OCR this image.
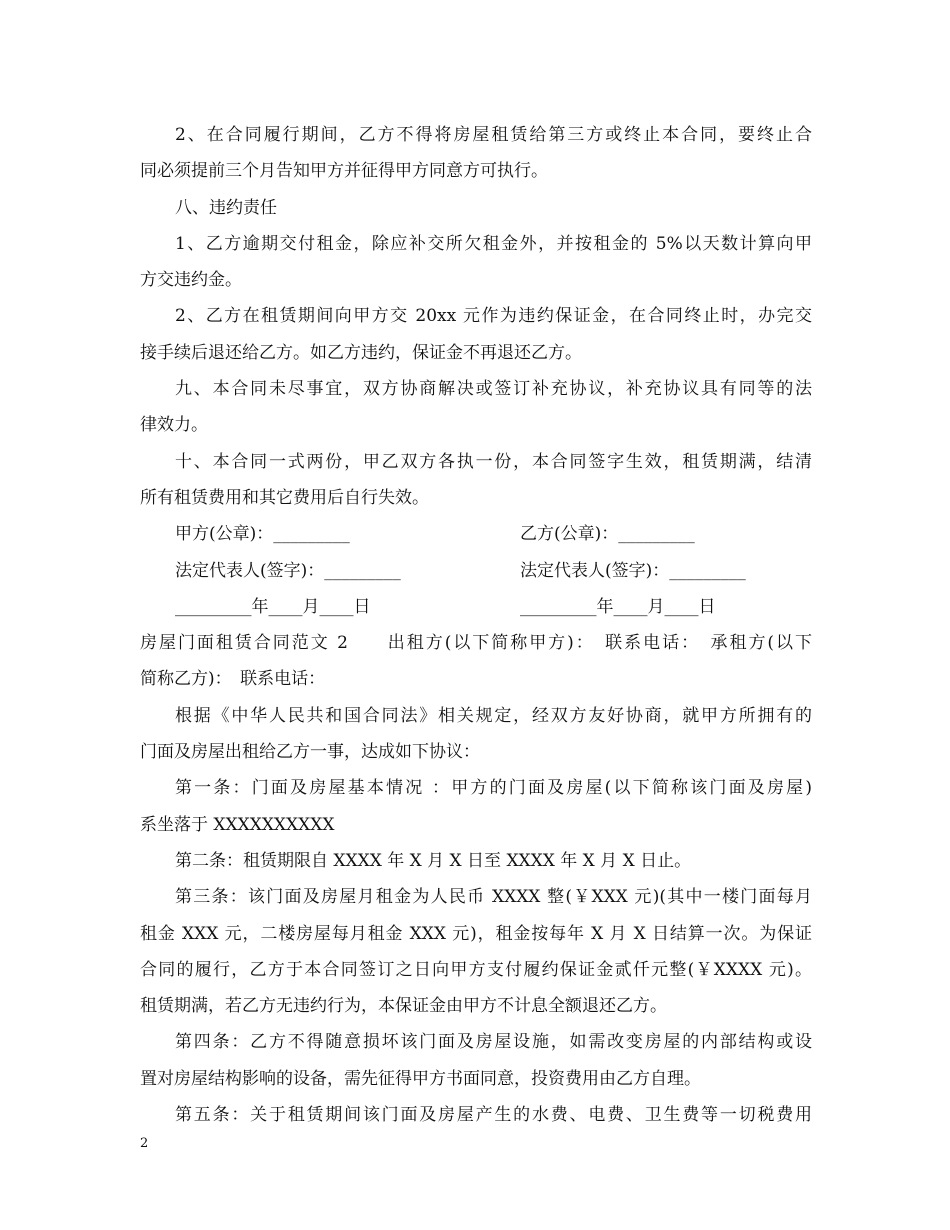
2、在合同履行期间，乙方不得将房屋租赁给第三方或终止本合同，要终止合
同必须提前三个月告知甲方并征得甲方同意方可执行。
八、违约责任
1、乙方逾期交付租金，除应补交所欠租金外，并按租金的 5%以天数计算向甲
方交违约金。
2、乙方在租赁期间向甲方交 20xx 元作为违约保证金，在合同终止时，办完交
接手续后退还给乙方。如乙方违约，保证金不再退还乙方。
九、本合同未尽事宜，双方协商解决或签订补充协议，补充协议具有同等的法
律效力。
十、本合同一式两份，甲乙双方各执一份，本合同签字生效，租赁期满，结清
所有租赁费用和其它费用后自行失效。
甲方(公章)：_________	乙方(公章)：_________
法定代表人(签字)：_________	法定代表人(签字)：_________
_________年____月____日	_________年____月____日
房屋门面租赁合同范文 2　　出租方(以下简称甲方)：　联系电话：　承租方(以下
简称乙方)：　联系电话：
根据《中华人民共和国合同法》相关规定，经双方友好协商，就甲方所拥有的
门面及房屋出租给乙方一事，达成如下协议：
第一条：门面及房屋基本情况 ：甲方的门面及房屋(以下简称该门面及房屋)
系坐落于 XXXXXXXXXX
第二条：租赁期限自 XXXX 年 X 月 X 日至 XXXX 年 X 月 X 日止。
第三条：该门面及房屋月租金为人民币 XXXX 整(￥XXX 元)(其中一楼门面每月
租金 XXX 元，二楼房屋每月租金 XXX 元)，租金按每年 X 月 X 日结算一次。为保证
合同的履行，乙方于本合同签订之日向甲方支付履约保证金贰仟元整(￥XXXX 元)。
租赁期满，若乙方无违约行为，本保证金由甲方不计息全额退还乙方。
第四条：乙方不得随意损坏该门面及房屋设施，如需改变房屋的内部结构或设
置对房屋结构影响的设备，需先征得甲方书面同意，投资费用由乙方自理。
第五条：关于租赁期间该门面及房屋产生的水费、电费、卫生费等一切税费用
2
